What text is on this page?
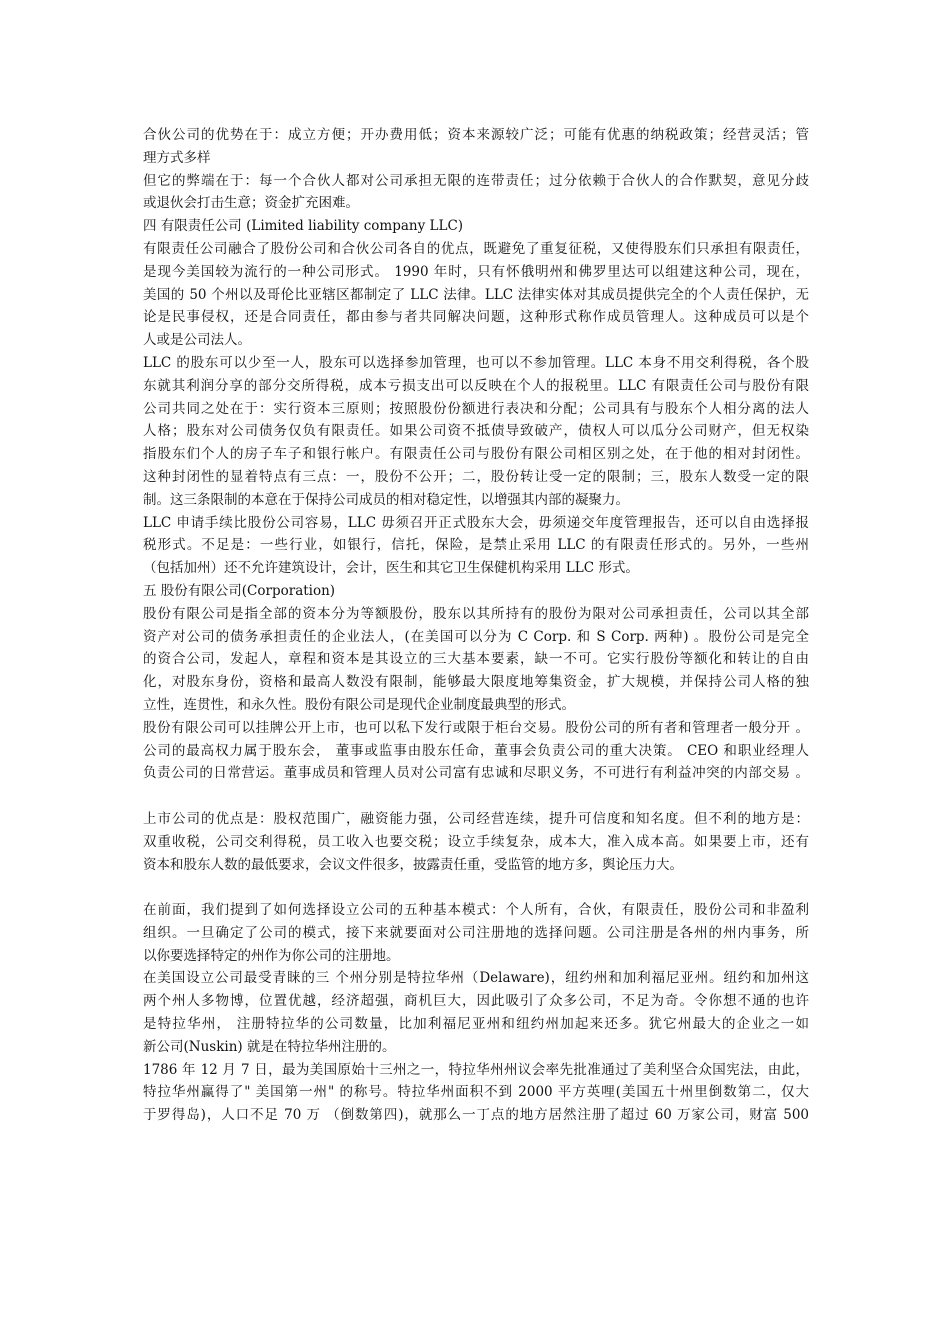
合伙公司的优势在于：成立方便；开办费用低；资本来源较广泛；可能有优惠的纳税政策；经营灵活；管
理方式多样
但它的弊端在于：每一个合伙人都对公司承担无限的连带责任；过分依赖于合伙人的合作默契，意见分歧
或退伙会打击生意；资金扩充困难。
四 有限责任公司 (Limited liability company LLC)
有限责任公司融合了股份公司和合伙公司各自的优点，既避免了重复征税，又使得股东们只承担有限责任，
是现今美国较为流行的一种公司形式。 1990 年时，只有怀俄明州和佛罗里达可以组建这种公司，现在，
美国的 50 个州以及哥伦比亚辖区都制定了 LLC 法律。LLC 法律实体对其成员提供完全的个人责任保护，无
论是民事侵权，还是合同责任，都由参与者共同解决问题，这种形式称作成员管理人。这种成员可以是个
人或是公司法人。
LLC 的股东可以少至一人，股东可以选择参加管理，也可以不参加管理。LLC 本身不用交利得税，各个股
东就其利润分享的部分交所得税，成本亏损支出可以反映在个人的报税里。LLC 有限责任公司与股份有限
公司共同之处在于：实行资本三原则；按照股份份额进行表决和分配；公司具有与股东个人相分离的法人
人格；股东对公司债务仅负有限责任。如果公司资不抵债导致破产，债权人可以瓜分公司财产，但无权染
指股东们个人的房子车子和银行帐户。有限责任公司与股份有限公司相区别之处，在于他的相对封闭性。
这种封闭性的显着特点有三点：一，股份不公开；二，股份转让受一定的限制；三，股东人数受一定的限
制。这三条限制的本意在于保持公司成员的相对稳定性，以增强其内部的凝聚力。
LLC 申请手续比股份公司容易，LLC 毋须召开正式股东大会，毋须递交年度管理报告，还可以自由选择报
税形式。不足是：一些行业，如银行，信托，保险，是禁止采用 LLC 的有限责任形式的。另外，一些州
（包括加州）还不允许建筑设计，会计，医生和其它卫生保健机构采用 LLC 形式。
五 股份有限公司(Corporation)
股份有限公司是指全部的资本分为等额股份，股东以其所持有的股份为限对公司承担责任，公司以其全部
资产对公司的债务承担责任的企业法人，(在美国可以分为 C Corp. 和 S Corp. 两种) 。股份公司是完全
的资合公司，发起人，章程和资本是其设立的三大基本要素，缺一不可。它实行股份等额化和转让的自由
化，对股东身份，资格和最高人数没有限制，能够最大限度地筹集资金，扩大规模，并保持公司人格的独
立性，连贯性，和永久性。股份有限公司是现代企业制度最典型的形式。
股份有限公司可以挂牌公开上市，也可以私下发行或限于柜台交易。股份公司的所有者和管理者一般分开 。
公司的最高权力属于股东会， 董事或监事由股东任命，董事会负责公司的重大决策。 CEO 和职业经理人
负责公司的日常营运。董事成员和管理人员对公司富有忠诚和尽职义务，不可进行有利益冲突的内部交易 。
上市公司的优点是：股权范围广，融资能力强，公司经营连续，提升可信度和知名度。但不利的地方是：
双重收税，公司交利得税，员工收入也要交税；设立手续复杂，成本大，准入成本高。如果要上市，还有
资本和股东人数的最低要求，会议文件很多，披露责任重，受监管的地方多，舆论压力大。
在前面，我们提到了如何选择设立公司的五种基本模式：个人所有，合伙，有限责任，股份公司和非盈利
组织。一旦确定了公司的模式，接下来就要面对公司注册地的选择问题。公司注册是各州的州内事务，所
以你要选择特定的州作为你公司的注册地。
在美国设立公司最受青睐的三 个州分别是特拉华州（Delaware)，纽约州和加利福尼亚州。纽约和加州这
两个州人多物博，位置优越，经济超强，商机巨大，因此吸引了众多公司，不足为奇。令你想不通的也许
是特拉华州， 注册特拉华的公司数量，比加利福尼亚州和纽约州加起来还多。犹它州最大的企业之一如
新公司(Nuskin) 就是在特拉华州注册的。
1786 年 12 月 7 日，最为美国原始十三州之一，特拉华州州议会率先批准通过了美利坚合众国宪法，由此，
特拉华州赢得了" 美国第一州" 的称号。特拉华州面积不到 2000 平方英哩(美国五十州里倒数第二，仅大
于罗得岛)，人口不足 70 万 （倒数第四)，就那么一丁点的地方居然注册了超过 60 万家公司，财富 500
